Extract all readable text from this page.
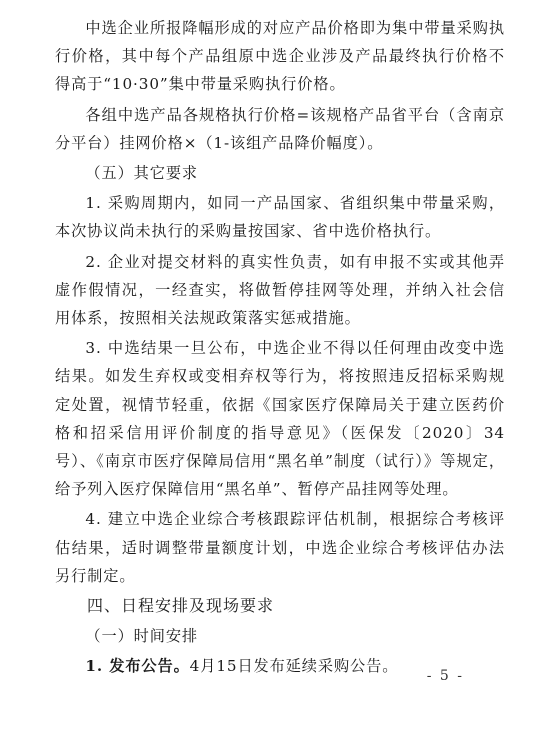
中选企业所报降幅形成的对应产品价格即为集中带量采购执行价格，其中每个产品组原中选企业涉及产品最终执行价格不得高于“10·30”集中带量采购执行价格。

各组中选产品各规格执行价格=该规格产品省平台（含南京分平台）挂网价格×（1-该组产品降价幅度）。

（五）其它要求

1. 采购周期内，如同一产品国家、省组织集中带量采购，本次协议尚未执行的采购量按国家、省中选价格执行。

2. 企业对提交材料的真实性负责，如有申报不实或其他弄虚作假情况，一经查实，将做暂停挂网等处理，并纳入社会信用体系，按照相关法规政策落实惩戒措施。

3. 中选结果一旦公布，中选企业不得以任何理由改变中选结果。如发生弃权或变相弃权等行为，将按照违反招标采购规定处置，视情节轻重，依据《国家医疗保障局关于建立医药价格和招采信用评价制度的指导意见》（医保发〔2020〕34号）、《南京市医疗保障局信用“黑名单”制度（试行）》等规定，给予列入医疗保障信用“黑名单”、暂停产品挂网等处理。

4. 建立中选企业综合考核跟踪评估机制，根据综合考核评估结果，适时调整带量额度计划，中选企业综合考核评估办法另行制定。

四、日程安排及现场要求

（一）时间安排

1. 发布公告。4月15日发布延续采购公告。

- 5 -
